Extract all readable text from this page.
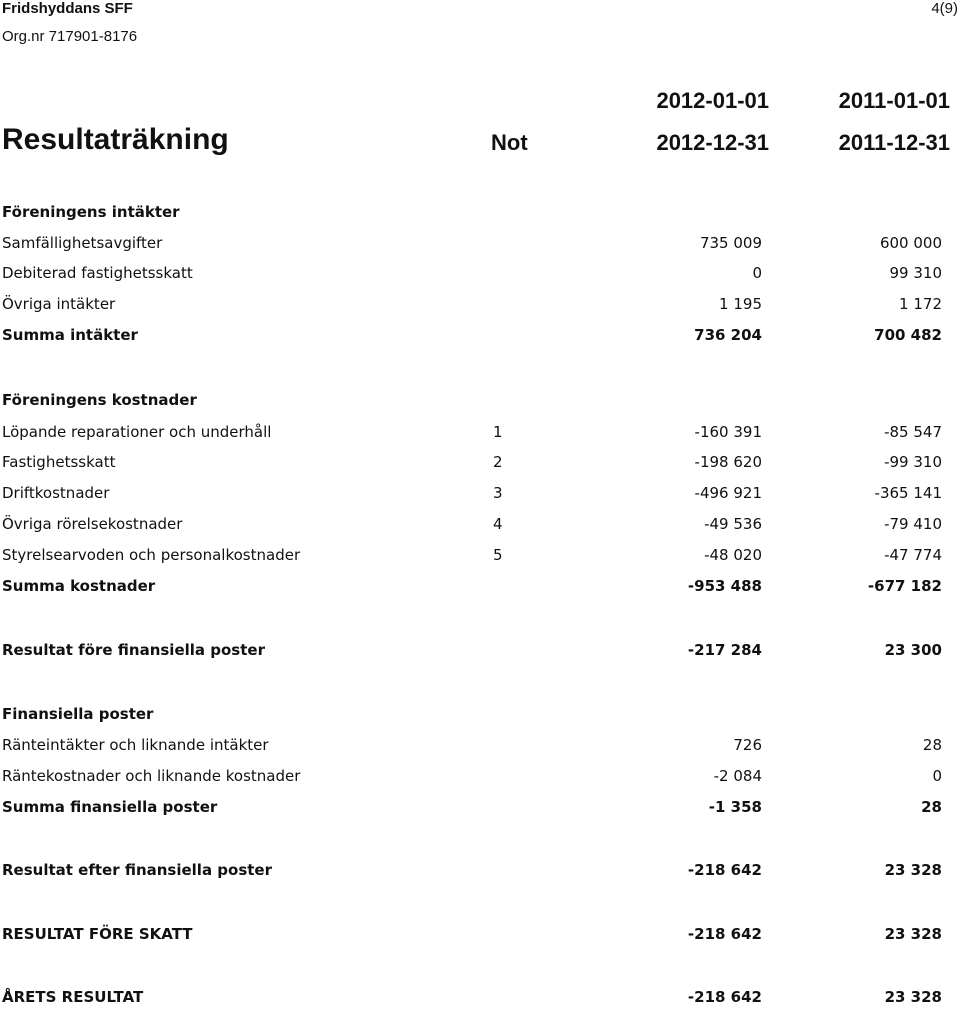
Fridshyddans SFF
Org.nr 717901-8176
4(9)
2012-01-01	2011-01-01
Resultaträkning	Not	2012-12-31	2011-12-31
Föreningens intäkter
Samfällighetsavgifter	735 009	600 000
Debiterad fastighetsskatt	0	99 310
Övriga intäkter	1 195	1 172
Summa intäkter	736 204	700 482
Föreningens kostnader
Löpande reparationer och underhåll	1	-160 391	-85 547
Fastighetsskatt	2	-198 620	-99 310
Driftkostnader	3	-496 921	-365 141
Övriga rörelsekostnader	4	-49 536	-79 410
Styrelsearvoden och personalkostnader	5	-48 020	-47 774
Summa kostnader	-953 488	-677 182
Resultat före finansiella poster	-217 284	23 300
Finansiella poster
Ränteintäkter och liknande intäkter	726	28
Räntekostnader och liknande kostnader	-2 084	0
Summa finansiella poster	-1 358	28
Resultat efter finansiella poster	-218 642	23 328
RESULTAT FÖRE SKATT	-218 642	23 328
ÅRETS RESULTAT	-218 642	23 328
